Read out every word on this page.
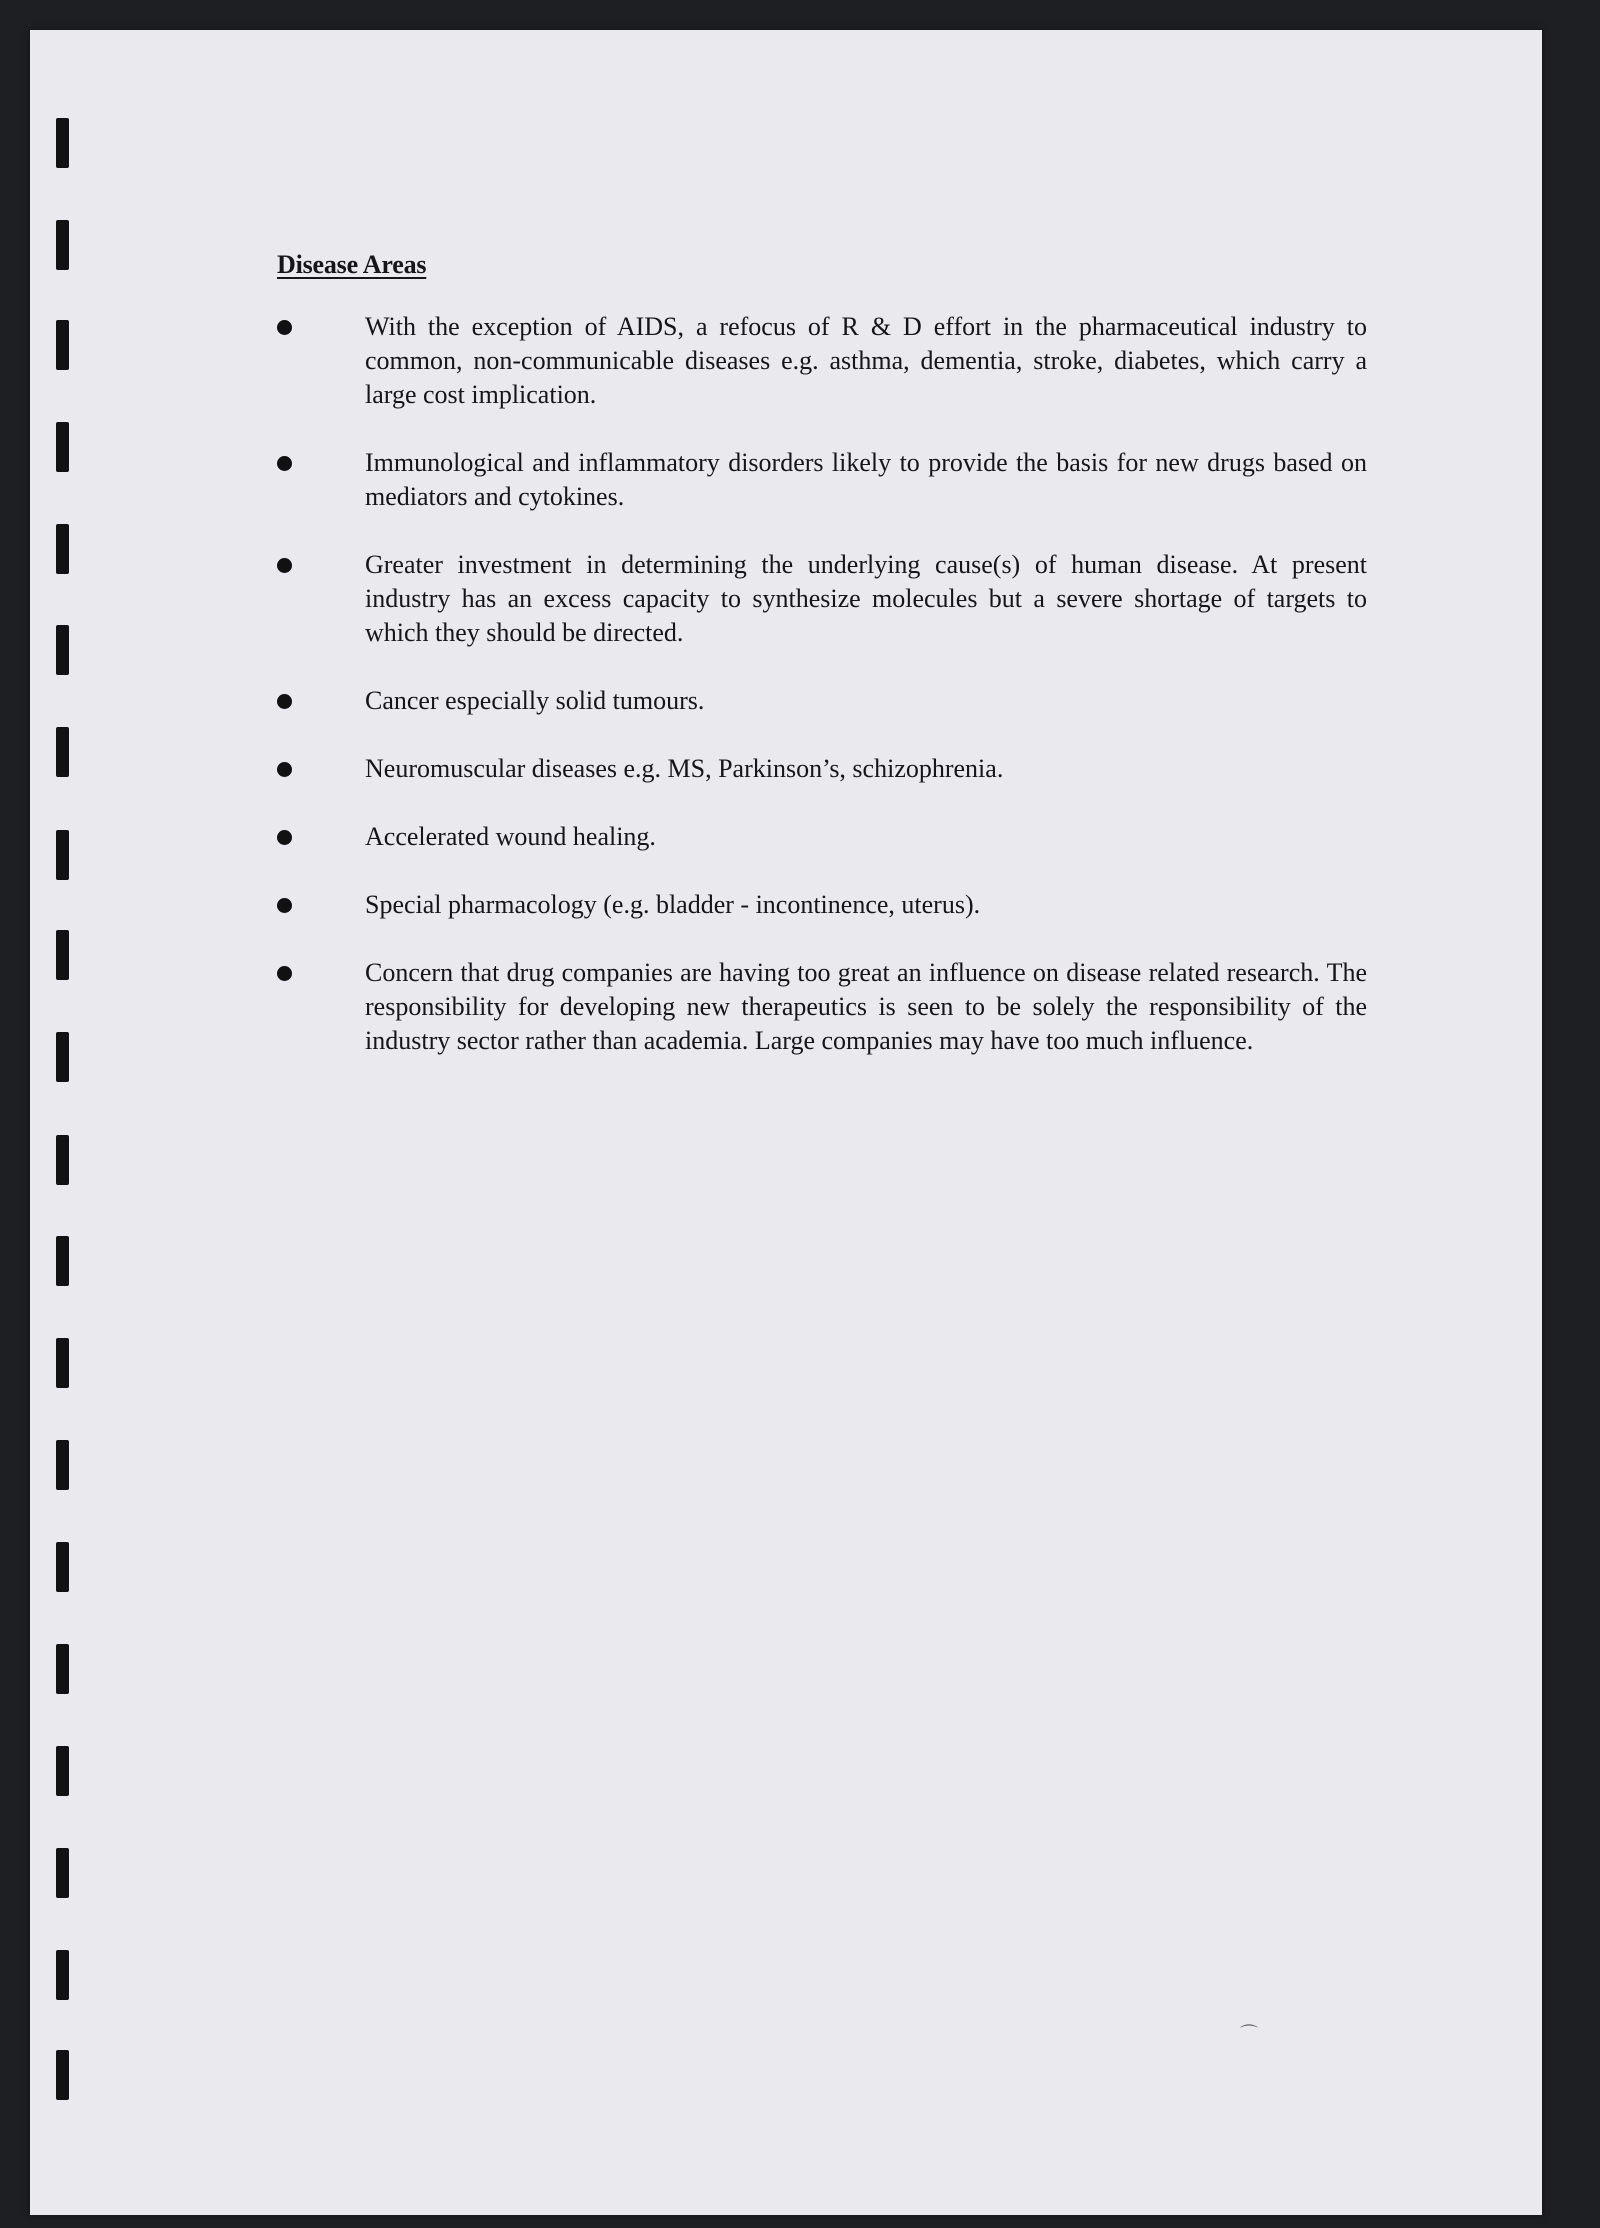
Disease Areas
With the exception of AIDS, a refocus of R & D effort in the pharmaceutical industry to common, non-communicable diseases e.g. asthma, dementia, stroke, diabetes, which carry a large cost implication.
Immunological and inflammatory disorders likely to provide the basis for new drugs based on mediators and cytokines.
Greater investment in determining the underlying cause(s) of human disease. At present industry has an excess capacity to synthesize molecules but a severe shortage of targets to which they should be directed.
Cancer especially solid tumours.
Neuromuscular diseases e.g. MS, Parkinson’s, schizophrenia.
Accelerated wound healing.
Special pharmacology (e.g. bladder - incontinence, uterus).
Concern that drug companies are having too great an influence on disease related research. The responsibility for developing new therapeutics is seen to be solely the responsibility of the industry sector rather than academia. Large companies may have too much influence.
⌒
